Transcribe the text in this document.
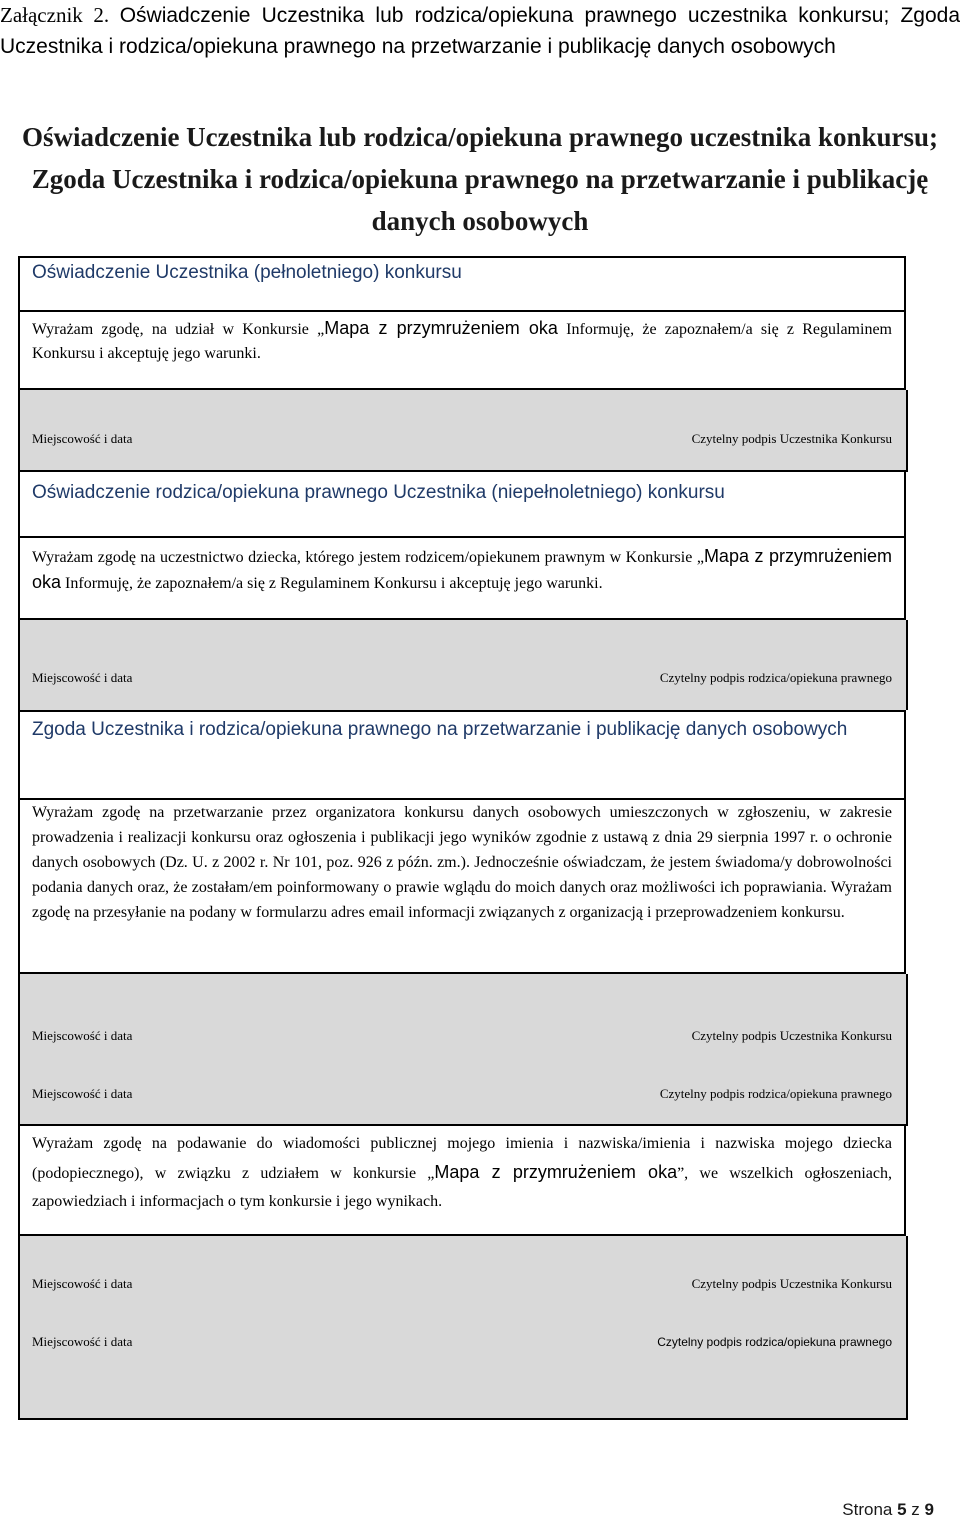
Załącznik 2. Oświadczenie Uczestnika lub rodzica/opiekuna prawnego uczestnika konkursu; Zgoda Uczestnika i rodzica/opiekuna prawnego na przetwarzanie i publikację danych osobowych
Oświadczenie Uczestnika lub rodzica/opiekuna prawnego uczestnika konkursu; Zgoda Uczestnika i rodzica/opiekuna prawnego na przetwarzanie i publikację danych osobowych
Oświadczenie Uczestnika (pełnoletniego) konkursu
Wyrażam zgodę, na udział w Konkursie „Mapa z przymrużeniem oka Informuję, że zapoznałem/a się z Regulaminem Konkursu i akceptuję jego warunki.
Miejscowość i data	Czytelny podpis Uczestnika Konkursu
Oświadczenie rodzica/opiekuna prawnego Uczestnika (niepełnoletniego) konkursu
Wyrażam zgodę na uczestnictwo dziecka, którego jestem rodzicem/opiekunem prawnym w Konkursie „Mapa z przymrużeniem oka Informuję, że zapoznałem/a się z Regulaminem Konkursu i akceptuję jego warunki.
Miejscowość i data	Czytelny podpis rodzica/opiekuna prawnego
Zgoda Uczestnika i rodzica/opiekuna prawnego na przetwarzanie i publikację danych osobowych
Wyrażam zgodę na przetwarzanie przez organizatora konkursu danych osobowych umieszczonych w zgłoszeniu, w zakresie prowadzenia i realizacji konkursu oraz ogłoszenia i publikacji jego wyników zgodnie z ustawą z dnia 29 sierpnia 1997 r. o ochronie danych osobowych (Dz. U. z 2002 r. Nr 101, poz. 926 z późn. zm.). Jednocześnie oświadczam, że jestem świadoma/y dobrowolności podania danych oraz, że zostałam/em poinformowany o prawie wglądu do moich danych oraz możliwości ich poprawiania. Wyrażam zgodę na przesyłanie na podany w formularzu adres email informacji związanych z organizacją i przeprowadzeniem konkursu.
Miejscowość i data	Czytelny podpis Uczestnika Konkursu
Miejscowość i data	Czytelny podpis rodzica/opiekuna prawnego
Wyrażam zgodę na podawanie do wiadomości publicznej mojego imienia i nazwiska/imienia i nazwiska mojego dziecka (podopiecznego), w związku z udziałem w konkursie „Mapa z przymrużeniem oka”, we wszelkich ogłoszeniach, zapowiedziach i informacjach o tym konkursie i jego wynikach.
Miejscowość i data	Czytelny podpis Uczestnika Konkursu
Miejscowość i data	Czytelny podpis rodzica/opiekuna prawnego
Strona 5 z 9
